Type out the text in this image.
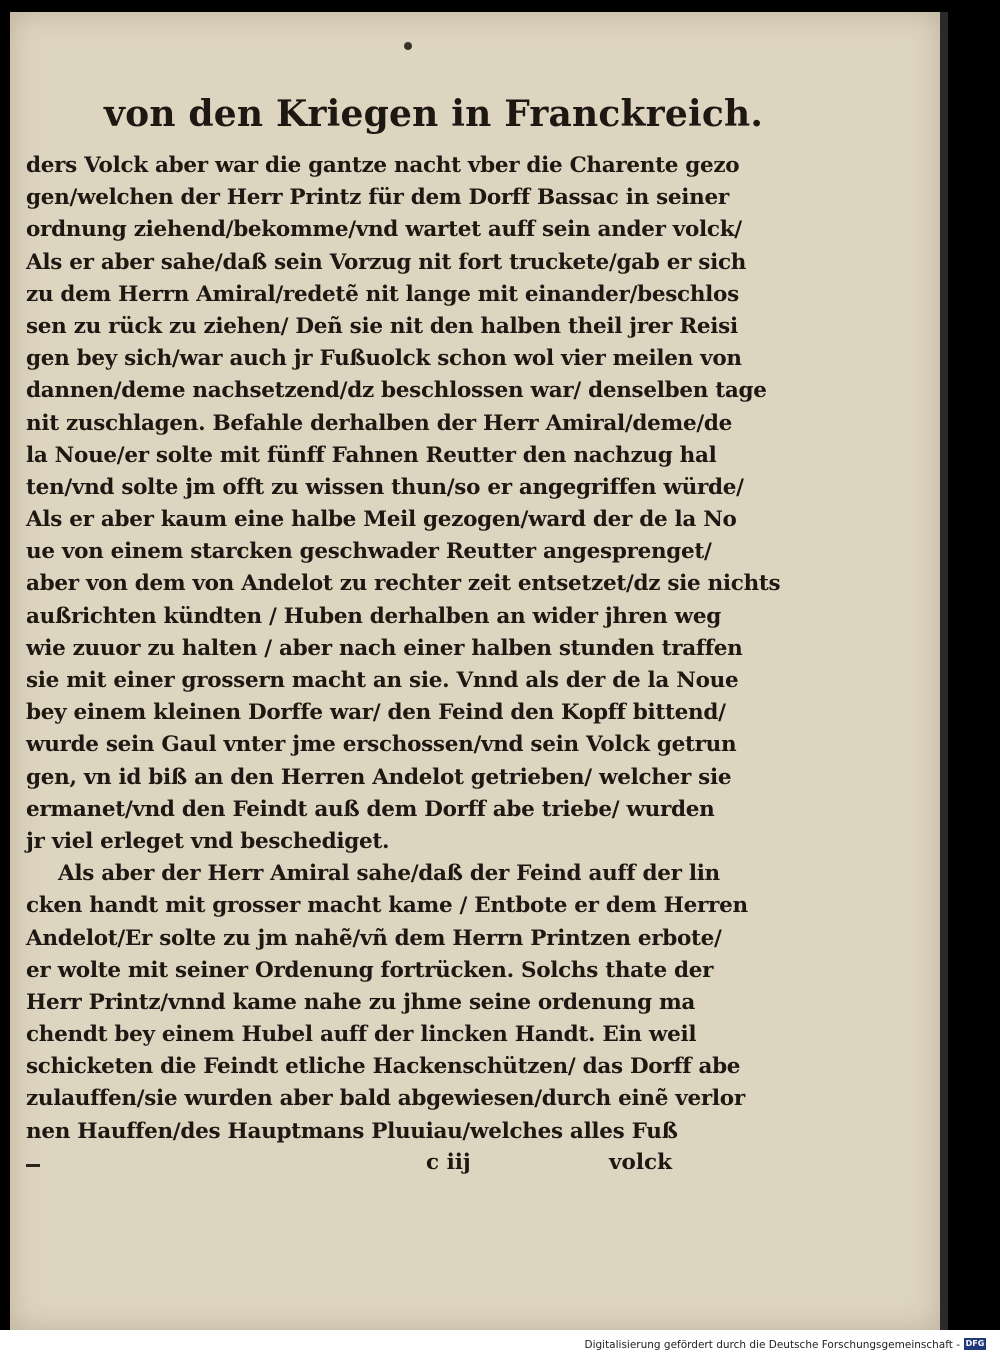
von den Kriegen in Franckreich.
ders Volck aber war die gantze nacht vber die Charente gezo
gen/welchen der Herr Printz für dem Dorff Bassac in seiner
ordnung ziehend/bekomme/vnd wartet auff sein ander volck/
Als er aber sahe/daß sein Vorzug nit fort truckete/gab er sich
zu dem Herrn Amiral/redetẽ nit lange mit einander/beschlos
sen zu rück zu ziehen/ Deñ sie nit den halben theil jrer Reisi
gen bey sich/war auch jr Fußuolck schon wol vier meilen von
dannen/deme nachsetzend/dz beschlossen war/ denselben tage
nit zuschlagen. Befahle derhalben der Herr Amiral/deme/de
la Noue/er solte mit fünff Fahnen Reutter den nachzug hal
ten/vnd solte jm offt zu wissen thun/so er angegriffen würde/
Als er aber kaum eine halbe Meil gezogen/ward der de la No
ue von einem starcken geschwader Reutter angesprenget/
aber von dem von Andelot zu rechter zeit entsetzet/dz sie nichts
außrichten kündten / Huben derhalben an wider jhren weg
wie zuuor zu halten / aber nach einer halben stunden traffen
sie mit einer grossern macht an sie. Vnnd als der de la Noue
bey einem kleinen Dorffe war/ den Feind den Kopff bittend/
wurde sein Gaul vnter jme erschossen/vnd sein Volck getrun
gen, vn id biß an den Herren Andelot getrieben/ welcher sie
ermanet/vnd den Feindt auß dem Dorff abe triebe/ wurden
jr viel erleget vnd beschediget.
Als aber der Herr Amiral sahe/daß der Feind auff der lin
cken handt mit grosser macht kame / Entbote er dem Herren
Andelot/Er solte zu jm nahẽ/vñ dem Herrn Printzen erbote/
er wolte mit seiner Ordenung fortrücken. Solchs thate der
Herr Printz/vnnd kame nahe zu jhme seine ordenung ma
chendt bey einem Hubel auff der lincken Handt. Ein weil
schicketen die Feindt etliche Hackenschützen/ das Dorff abe
zulauffen/sie wurden aber bald abgewiesen/durch einẽ verlor
nen Hauffen/des Hauptmans Pluuiau/welches alles Fuß
c iij	volck
Digitalisierung gefördert durch die Deutsche Forschungsgemeinschaft - DFG
